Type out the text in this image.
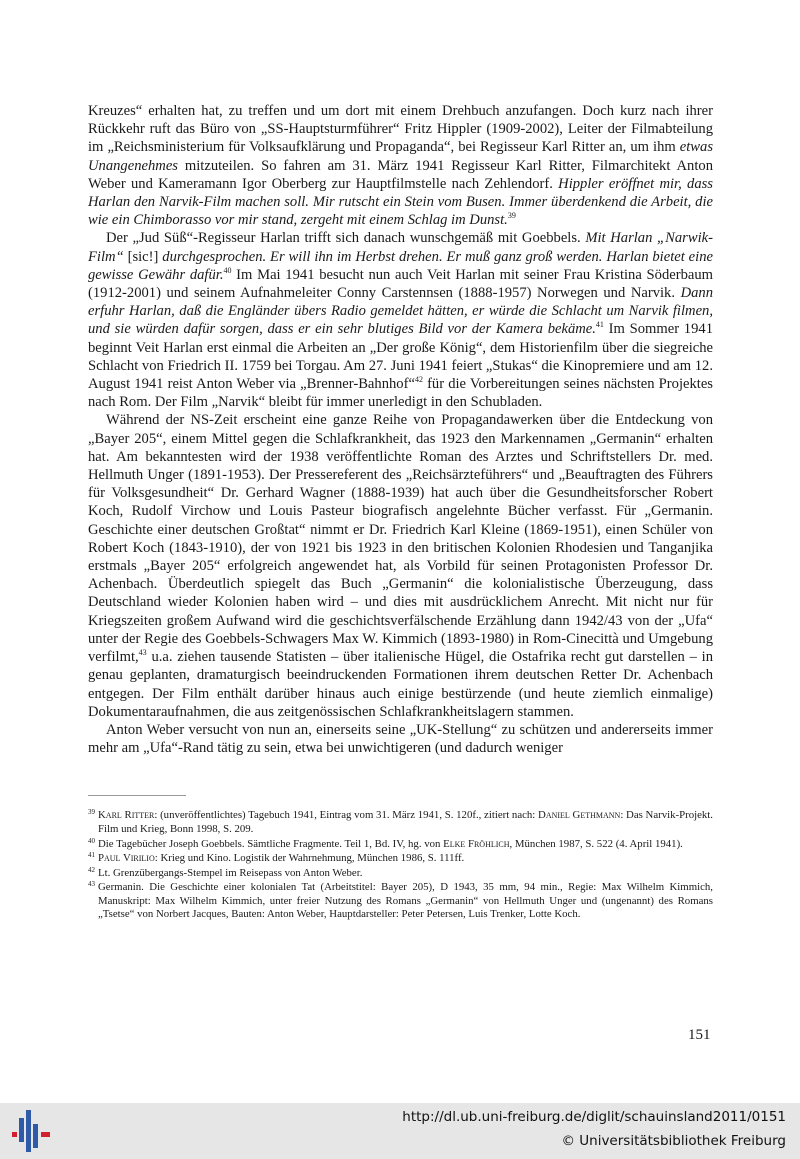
Kreuzes“ erhalten hat, zu treffen und um dort mit einem Drehbuch anzufangen. Doch kurz nach ihrer Rückkehr ruft das Büro von „SS-Hauptsturmführer“ Fritz Hippler (1909-2002), Leiter der Filmabteilung im „Reichsministerium für Volksaufklärung und Propaganda“, bei Regisseur Karl Ritter an, um ihm etwas Unangenehmes mitzuteilen. So fahren am 31. März 1941 Regisseur Karl Ritter, Filmarchitekt Anton Weber und Kameramann Igor Oberberg zur Hauptfilmstelle nach Zehlendorf. Hippler eröffnet mir, dass Harlan den Narvik-Film machen soll. Mir rutscht ein Stein vom Busen. Immer überdenkend die Arbeit, die wie ein Chimborasso vor mir stand, zergeht mit einem Schlag im Dunst.$^{39}$

Der „Jud Süß“-Regisseur Harlan trifft sich danach wunschgemäß mit Goebbels. Mit Harlan „Narwik-Film“ [sic!] durchgesprochen. Er will ihn im Herbst drehen. Er muß ganz groß werden. Harlan bietet eine gewisse Gewähr dafür.$^{40}$ Im Mai 1941 besucht nun auch Veit Harlan mit seiner Frau Kristina Söderbaum (1912-2001) und seinem Aufnahmeleiter Conny Carstennsen (1888-1957) Norwegen und Narvik. Dann erfuhr Harlan, daß die Engländer übers Radio gemeldet hätten, er würde die Schlacht um Narvik filmen, und sie würden dafür sorgen, dass er ein sehr blutiges Bild vor der Kamera bekäme.$^{41}$ Im Sommer 1941 beginnt Veit Harlan erst einmal die Arbeiten an „Der große König“, dem Historienfilm über die siegreiche Schlacht von Friedrich II. 1759 bei Torgau. Am 27. Juni 1941 feiert „Stukas“ die Kinopremiere und am 12. August 1941 reist Anton Weber via „Brenner-Bahnhof“$^{42}$ für die Vorbereitungen seines nächsten Projektes nach Rom. Der Film „Narvik“ bleibt für immer unerledigt in den Schubladen.

Während der NS-Zeit erscheint eine ganze Reihe von Propagandawerken über die Entdeckung von „Bayer 205“, einem Mittel gegen die Schlafkrankheit, das 1923 den Markennamen „Germanin“ erhalten hat. Am bekanntesten wird der 1938 veröffentlichte Roman des Arztes und Schriftstellers Dr. med. Hellmuth Unger (1891-1953). Der Pressereferent des „Reichsärzteführers“ und „Beauftragten des Führers für Volksgesundheit“ Dr. Gerhard Wagner (1888-1939) hat auch über die Gesundheitsforscher Robert Koch, Rudolf Virchow und Louis Pasteur biografisch angelehnte Bücher verfasst. Für „Germanin. Geschichte einer deutschen Großtat“ nimmt er Dr. Friedrich Karl Kleine (1869-1951), einen Schüler von Robert Koch (1843-1910), der von 1921 bis 1923 in den britischen Kolonien Rhodesien und Tanganjika erstmals „Bayer 205“ erfolgreich angewendet hat, als Vorbild für seinen Protagonisten Professor Dr. Achenbach. Überdeutlich spiegelt das Buch „Germanin“ die kolonialistische Überzeugung, dass Deutschland wieder Kolonien haben wird – und dies mit ausdrücklichem Anrecht. Mit nicht nur für Kriegszeiten großem Aufwand wird die geschichtsverfälschende Erzählung dann 1942/43 von der „Ufa“ unter der Regie des Goebbels-Schwagers Max W. Kimmich (1893-1980) in Rom-Cinecittà und Umgebung verfilmt,$^{43}$ u.a. ziehen tausende Statisten – über italienische Hügel, die Ostafrika recht gut darstellen – in genau geplanten, dramaturgisch beeindruckenden Formationen ihrem deutschen Retter Dr. Achenbach entgegen. Der Film enthält darüber hinaus auch einige bestürzende (und heute ziemlich einmalige) Dokumentaraufnahmen, die aus zeitgenössischen Schlafkrankheitslagern stammen.

Anton Weber versucht von nun an, einerseits seine „UK-Stellung“ zu schützen und andererseits immer mehr am „Ufa“-Rand tätig zu sein, etwa bei unwichtigeren (und dadurch weniger

$^{39}$ Karl Ritter: (unveröffentlichtes) Tagebuch 1941, Eintrag vom 31. März 1941, S. 120f., zitiert nach: Daniel Gethmann: Das Narvik-Projekt. Film und Krieg, Bonn 1998, S. 209.

$^{40}$ Die Tagebücher Joseph Goebbels. Sämtliche Fragmente. Teil 1, Bd. IV, hg. von Elke Fröhlich, München 1987, S. 522 (4. April 1941).

$^{41}$ Paul Virilio: Krieg und Kino. Logistik der Wahrnehmung, München 1986, S. 111ff.

$^{42}$ Lt. Grenzübergangs-Stempel im Reisepass von Anton Weber.

$^{43}$ Germanin. Die Geschichte einer kolonialen Tat (Arbeitstitel: Bayer 205), D 1943, 35 mm, 94 min., Regie: Max Wilhelm Kimmich, Manuskript: Max Wilhelm Kimmich, unter freier Nutzung des Romans „Germanin“ von Hellmuth Unger und (ungenannt) des Romans „Tsetse“ von Norbert Jacques, Bauten: Anton Weber, Hauptdarsteller: Peter Petersen, Luis Trenker, Lotte Koch.

151
http://dl.ub.uni-freiburg.de/diglit/schauinsland2011/0151
© Universitätsbibliothek Freiburg
